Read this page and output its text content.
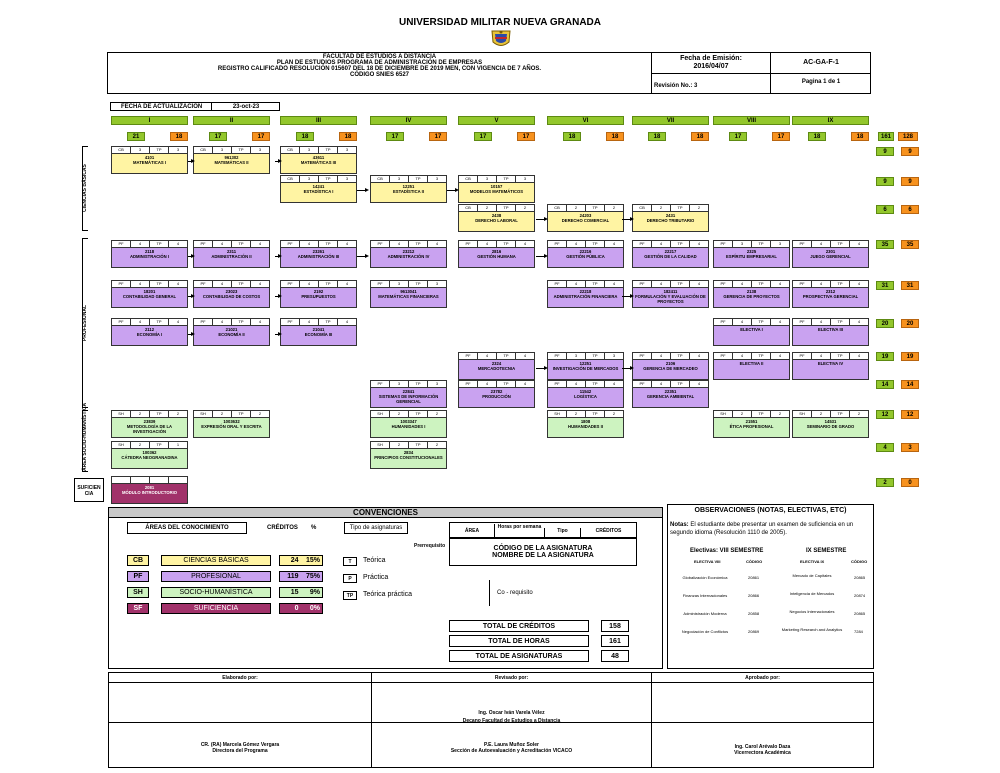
UNIVERSIDAD MILITAR NUEVA GRANADA
FACULTAD DE ESTUDIOS A DISTANCIA
PLAN DE ESTUDIOS PROGRAMA DE ADMINISTRACIÓN DE EMPRESAS
REGISTRO CALIFICADO RESOLUCIÓN 015607 DEL 18 DE DICIEMBRE DE 2019 MEN, CON VIGENCIA DE 7 AÑOS.
CÓDIGO SNIES 6527
Fecha de Emisión:
2016/04/07
Revisión No.: 3
AC-GA-F-1
Pagina 1 de 1
FECHA DE ACTUALIZACIÓN	23-oct-23
I
21	18
II
17	17
III
18	18
IV
17	17
V
17	17
VI
18	18
VII
18	18
VIII
17	17
IX
18	18	161	128
CIENCIAS BÁSICAS
PROFESIONAL
ÁREA SOCIO-HUMANÍSTICA
SUFICIEN CIA
CB	3	TP	3
4101
MATEMÁTICAS I
CB	3	TP	3
961302
MATEMÁTICAS II
CB	3	TP	3
43611
MATEMÁTICAS III
CB	3	TP	3
14241
ESTADÍSTICA I
CB	3	TP	3
12251
ESTADÍSTICA II
CB	3	TP	3
10157
MODELOS MATEMÁTICOS
CB	2	TP	2
2438
DERECHO LABORAL
CB	2	TP	2
24203
DERECHO COMERCIAL
CB	2	TP	2
2431
DERECHO TRIBUTARIO
PF	4	TP	4
2118
ADMINISTRACIÓN I
PF	4	TP	4
2311
ADMINISTRACIÓN II
PF	4	TP	4
23261
ADMINISTRACIÓN III
PF	4	TP	4
23212
ADMINISTRACIÓN IV
PF	4	TP	4
2816
GESTIÓN HUMANA
PF	4	TP	4
22216
GESTIÓN PÚBLICA
PF	4	TP	4
22217
GESTIÓN DE LA CALIDAD
PF	3	TP	3
2325
ESPÍRITU EMPRESARIAL
PF	4	TP	4
2301
JUEGO GERENCIAL
PF	4	TP	4
18201
CONTABILIDAD GENERAL
PF	4	TP	4
23023
CONTABILIDAD DE COSTOS
PF	4	TP	4
2192
PRESUPUESTOS
PF	3	TP	3
9613041
MATEMÁTICAS FINANCIERAS
PF	4	TP	4
22218
ADMINISTRACIÓN FINANCIERA
PF	4	TP	4
182411
FORMULACIÓN Y EVALUACIÓN DE PROYECTOS
PF	4	TP	4
2138
GERENCIA DE PROYECTOS
PF	4	TP	4
2312
PROSPECTIVA GERENCIAL
PF	4	TP	4
2112
ECONOMÍA I
PF	4	TP	4
21021
ECONOMÍA II
PF	4	TP	4
21041
ECONOMÍA III
PF	4	TP	4
ELECTIVA I
PF	4	TP	4
ELECTIVA III
PF	4	TP	4
2324
MERCADOTECNIA
PF	3	TP	3
12251
INVESTIGACIÓN DE MERCADOS
PF	4	TP	4
2106
GERENCIA DE MERCADEO
PF	4	TP	4
ELECTIVA II
PF	4	TP	4
ELECTIVA IV
PF	3	TP	3
22841
SISTEMAS DE INFORMACIÓN GERENCIAL
PF	4	TP	4
23782
PRODUCCIÓN
PF	4	TP	4
11542
LOGÍSTICA
PF	4	TP	4
22351
GERENCIA AMBIENTAL
SH	2	TP	2
23839
METODOLOGÍA DE LA INVESTIGACIÓN
SH	2	TP	2
1003632
EXPRESIÓN ORAL Y ESCRITA
SH	2	TP	2
1003347
HUMANIDADES I
SH	2	TP	2
1808
HUMANIDADES II
SH	2	TP	2
21551
ÉTICA PROFESIONAL
SH	2	TP	2
14531
SEMINARIO DE GRADO
SH	2	TP	1
100362
CÁTEDRA NEOGRANADINA
SH	2	TP	2
2834
PRINCIPIOS CONSTITUCIONALES
SF	0	TP	2
2081
MÓDULO INTRODUCTORIO
9	9
9	9
6	6
35	35
31	31
20	20
19	19
14	14
12	12
4	3
2	0
CONVENCIONES
ÁREAS DEL CONOCIMIENTO	CRÉDITOS %	Tipo de asignaturas
CB	CIENCIAS BÁSICAS	24	15%
PF	PROFESIONAL	119	75%
SH	SOCIO-HUMANÍSTICA	15	9%
SF	SUFICIENCIA	0	0%
T	Teórica
P	Práctica
TP	Teórica práctica
ÁREA
Horas por semana
Tipo	CRÉDITOS
Prerrequisito	CÓDIGO DE LA ASIGNATURA NOMBRE DE LA ASIGNATURA
Co - requisito
TOTAL DE CRÉDITOS	158
TOTAL DE HORAS	161
TOTAL DE ASIGNATURAS	48
OBSERVACIONES (NOTAS, ELECTIVAS, ETC)
Notas: El estudiante debe presentar un examen de suficiencia en un segundo idioma (Resolución 1110 de 2005).
Electivas: VIII SEMESTRE	IX SEMESTRE
ELECTIVA VIII	CÓDIGO	ELECTIVA IX	CÓDIGO
Globalización Económica	20861	Mercado de Capitales	20865
Finanzas Internacionales	20866	Inteligencia de Mercados	20874
Administración Moderna	20858	Negocios Internacionales	20865
Negociación de Conflictos	20869	Marketing Research and Analytics	7284
Elaborado por:	Revisado por:	Aprobado por:
Ing. Oscar Iván Varela Vélez
Decano Facultad de Estudios a Distancia
CR. (RA) Marcela Gómez Vergara
Directora del Programa
P.E. Laura Muñoz Soler
Sección de Autoevaluación y Acreditación VICACO
Ing. Carol Arévalo Daza
Vicerrectora Académica
